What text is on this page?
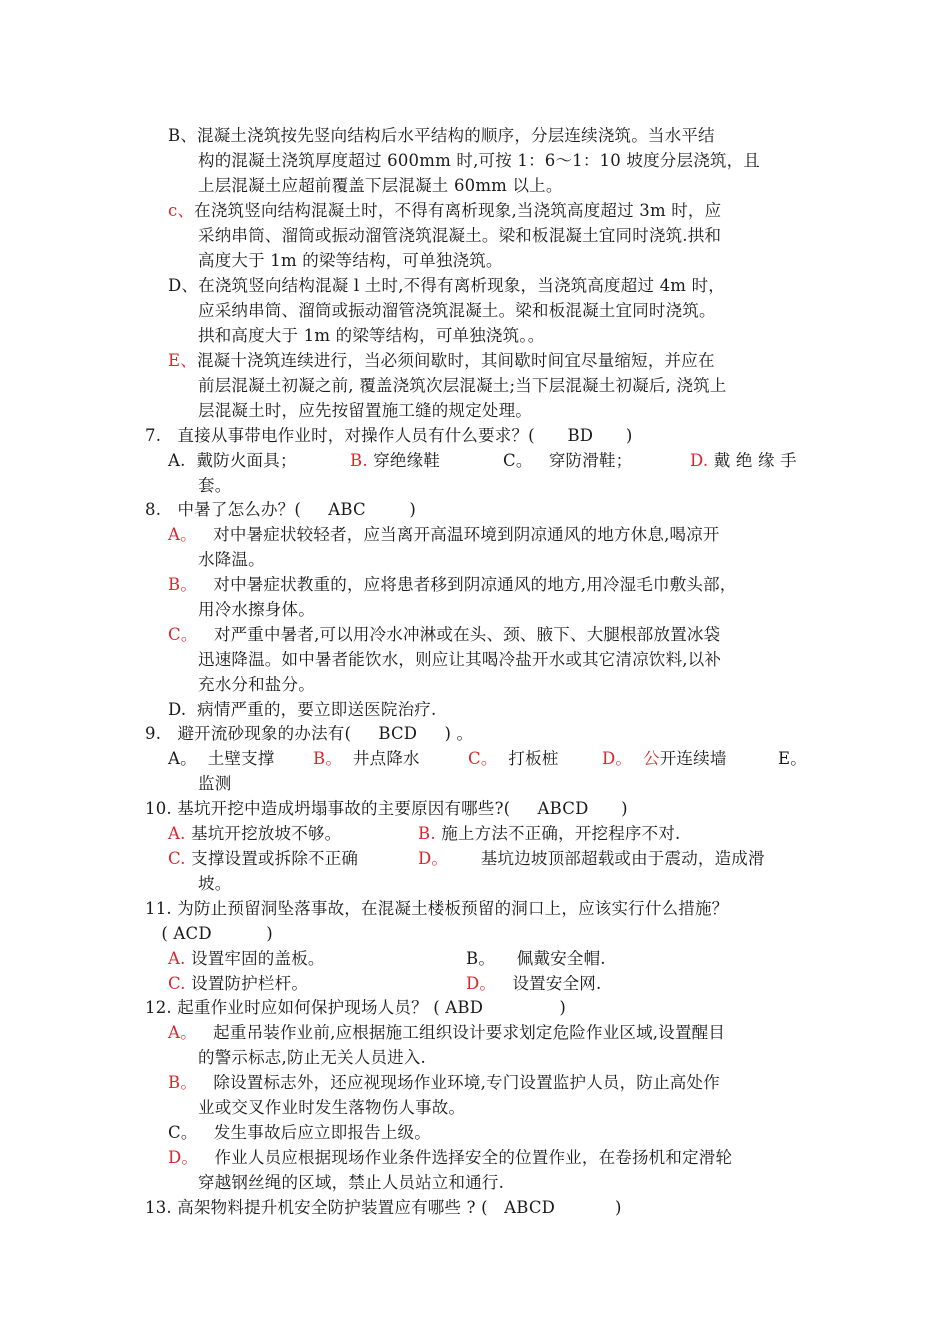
B、混凝土浇筑按先竖向结构后水平结构的顺序，分层连续浇筑。当水平结
构的混凝土浇筑厚度超过 600mm 时,可按 1：6～1：10 坡度分层浇筑，且
上层混凝土应超前覆盖下层混凝土 60mm 以上。
c、在浇筑竖向结构混凝土时，不得有离析现象,当浇筑高度超过 3m 时，应
采纳串筒、溜筒或振动溜管浇筑混凝土。梁和板混凝土宜同时浇筑.拱和
高度大于 1m 的梁等结构，可单独浇筑。
D、在浇筑竖向结构混凝 l 土时,不得有离析现象，当浇筑高度超过 4m 时，
应采纳串筒、溜筒或振动溜管浇筑混凝土。梁和板混凝土宜同时浇筑。
拱和高度大于 1m 的梁等结构，可单独浇筑。。
E、混凝十浇筑连续进行，当必须间歇时，其间歇时间宜尽量缩短，并应在
前层混凝土初凝之前, 覆盖浇筑次层混凝土;当下层混凝土初凝后, 浇筑上
层混凝土时，应先按留置施工缝的规定处理。
7.   直接从事带电作业时，对操作人员有什么要求？(      BD      )
A.  戴防火面具；	B. 穿绝缘鞋	C。   穿防滑鞋；	D. 戴 绝 缘 手
套。
8.   中暑了怎么办？(     ABC        )
A。   对中暑症状较轻者，应当离开高温环境到阴凉通风的地方休息,喝凉开
水降温。
B。   对中暑症状教重的，应将患者移到阴凉通风的地方,用冷湿毛巾敷头部，
用冷水擦身体。
C。   对严重中暑者,可以用冷水冲淋或在头、颈、腋下、大腿根部放置冰袋
迅速降温。如中暑者能饮水，则应让其喝冷盐开水或其它清凉饮料,以补
充水分和盐分。
D.  病情严重的，要立即送医院治疗.
9.   避开流砂现象的办法有(     BCD     ) 。
A。  土壁支撑 B。  井点降水	C。  打板桩	D。 公开连续墙	E。
监测
10. 基坑开挖中造成坍塌事故的主要原因有哪些?(     ABCD      )
A. 基坑开挖放坡不够。	B. 施上方法不正确，开挖程序不对.
C. 支撑设置或拆除不正确	D。      基坑边坡顶部超载或由于震动，造成滑
坡。
11. 为防止预留洞坠落事故，在混凝土楼板预留的洞口上，应该实行什么措施？
( ACD          )
A. 设置牢固的盖板。	B。    佩戴安全帽.
C. 设置防护栏杆。	D。   设置安全网.
12. 起重作业时应如何保护现场人员？ ( ABD              )
A。   起重吊装作业前,应根据施工组织设计要求划定危险作业区域,设置醒目
的警示标志,防止无关人员进入.
B。   除设置标志外，还应视现场作业环境,专门设置监护人员，防止高处作
业或交叉作业时发生落物伤人事故。
C。   发生事故后应立即报告上级。
D。   作业人员应根据现场作业条件选择安全的位置作业，在卷扬机和定滑轮
穿越钢丝绳的区域，禁止人员站立和通行.
13. 高架物料提升机安全防护装置应有哪些 ? (   ABCD           )
